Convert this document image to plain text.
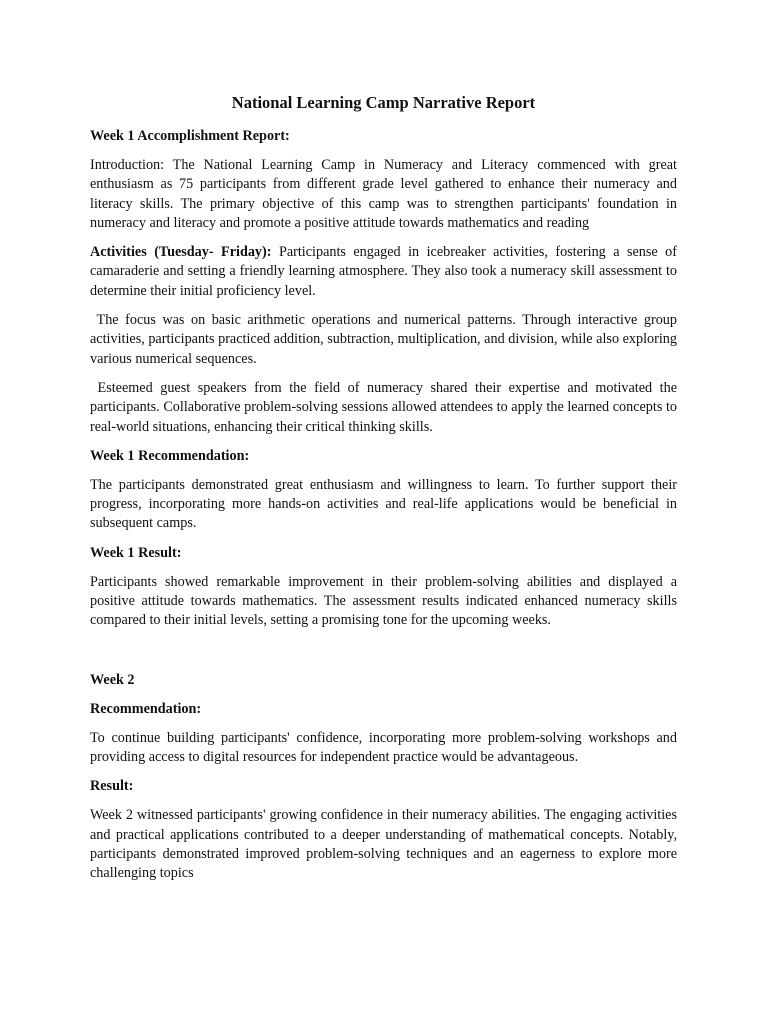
National Learning Camp Narrative Report
Week 1 Accomplishment Report:

Introduction: The National Learning Camp in Numeracy and Literacy commenced with great enthusiasm as 75 participants from different grade level gathered to enhance their numeracy and literacy skills. The primary objective of this camp was to strengthen participants' foundation in numeracy and literacy and promote a positive attitude towards mathematics and reading

Activities (Tuesday- Friday): Participants engaged in icebreaker activities, fostering a sense of camaraderie and setting a friendly learning atmosphere. They also took a numeracy skill assessment to determine their initial proficiency level.

The focus was on basic arithmetic operations and numerical patterns. Through interactive group activities, participants practiced addition, subtraction, multiplication, and division, while also exploring various numerical sequences.

Esteemed guest speakers from the field of numeracy shared their expertise and motivated the participants. Collaborative problem-solving sessions allowed attendees to apply the learned concepts to real-world situations, enhancing their critical thinking skills.

Week 1 Recommendation:

The participants demonstrated great enthusiasm and willingness to learn. To further support their progress, incorporating more hands-on activities and real-life applications would be beneficial in subsequent camps.

Week 1 Result:

Participants showed remarkable improvement in their problem-solving abilities and displayed a positive attitude towards mathematics. The assessment results indicated enhanced numeracy skills compared to their initial levels, setting a promising tone for the upcoming weeks.

Week 2
Recommendation:

To continue building participants' confidence, incorporating more problem-solving workshops and providing access to digital resources for independent practice would be advantageous.

Result:

Week 2 witnessed participants' growing confidence in their numeracy abilities. The engaging activities and practical applications contributed to a deeper understanding of mathematical concepts. Notably, participants demonstrated improved problem-solving techniques and an eagerness to explore more challenging topics
